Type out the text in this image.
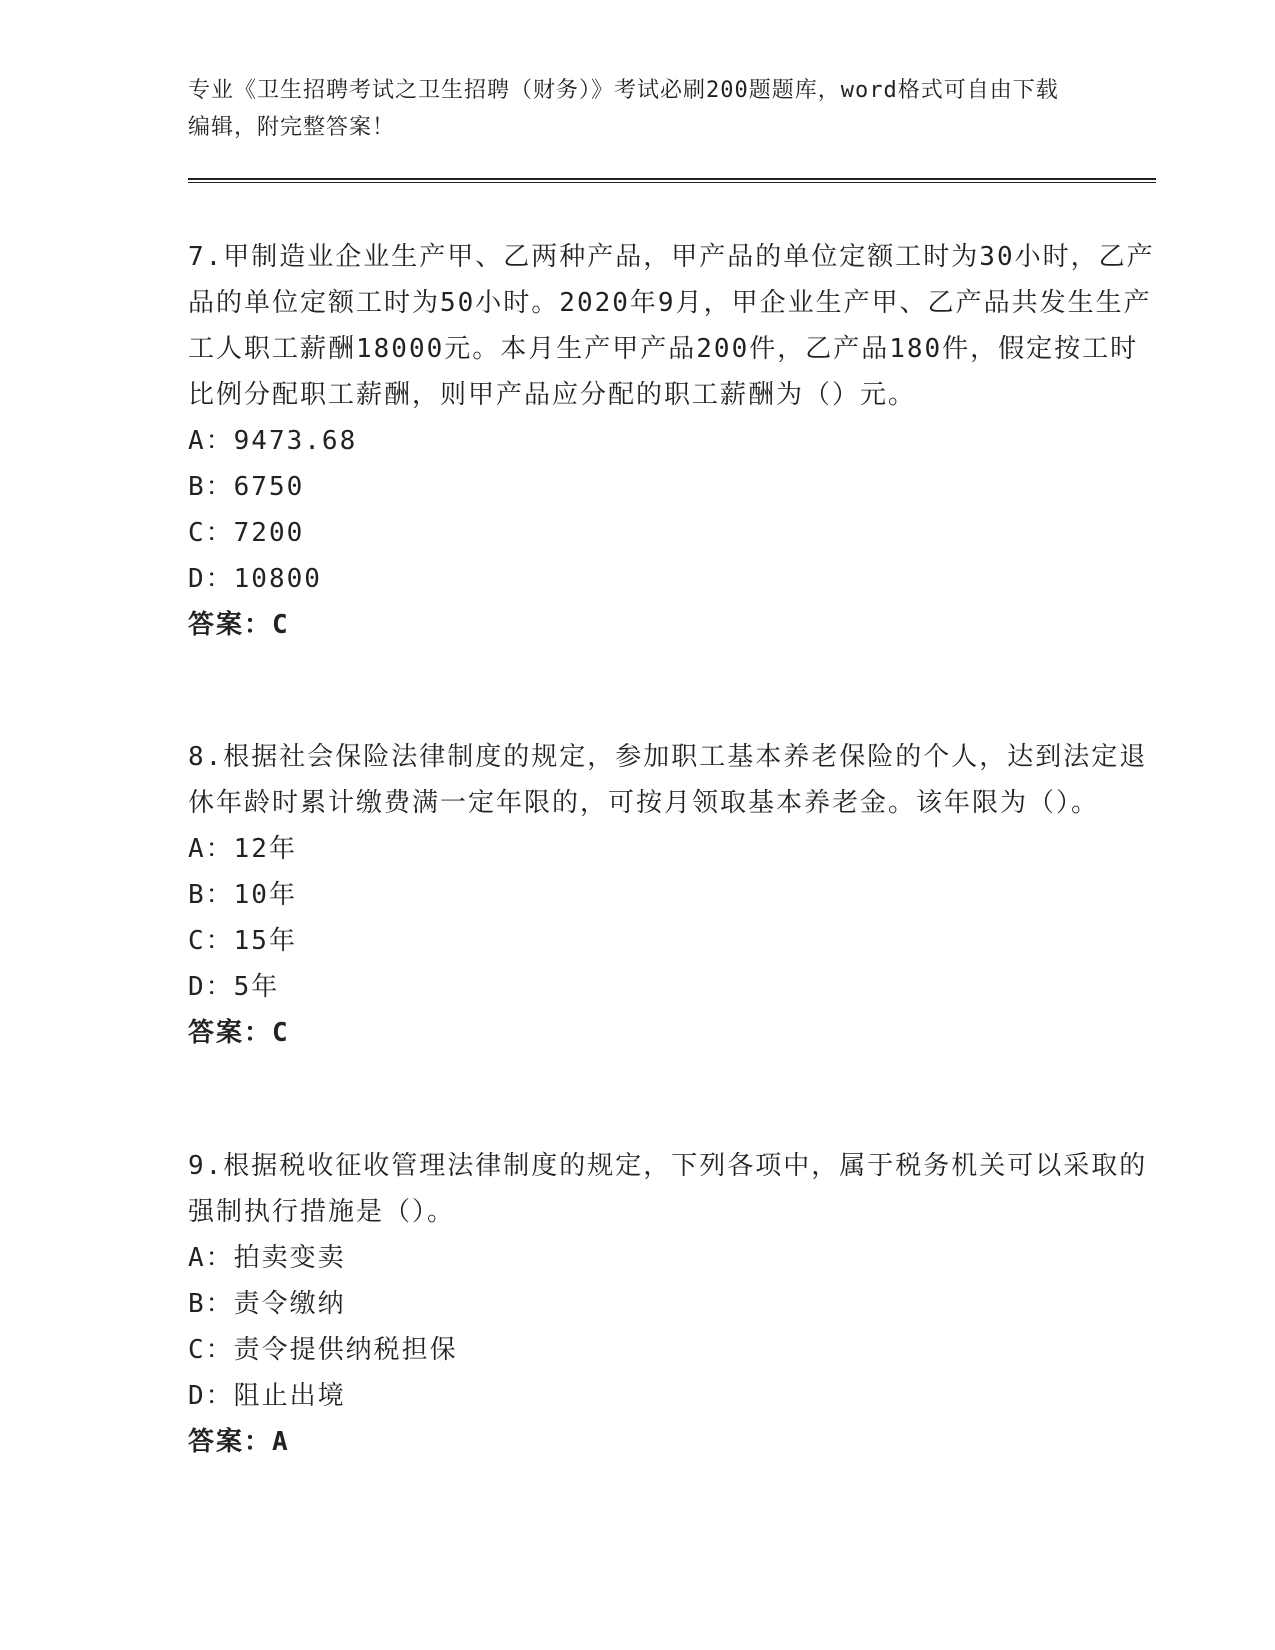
专业《卫生招聘考试之卫生招聘（财务）》考试必刷200题题库，word格式可自由下载编辑，附完整答案！

7.甲制造业企业生产甲、乙两种产品，甲产品的单位定额工时为30小时，乙产品的单位定额工时为50小时。2020年9月，甲企业生产甲、乙产品共发生生产工人职工薪酬18000元。本月生产甲产品200件，乙产品180件，假定按工时比例分配职工薪酬，则甲产品应分配的职工薪酬为（）元。

A：9473.68

B：6750

C：7200

D：10800

答案：C

8.根据社会保险法律制度的规定，参加职工基本养老保险的个人，达到法定退休年龄时累计缴费满一定年限的，可按月领取基本养老金。该年限为（）。

A：12年

B：10年

C：15年

D：5年

答案：C

9.根据税收征收管理法律制度的规定，下列各项中，属于税务机关可以采取的强制执行措施是（）。

A：拍卖变卖

B：责令缴纳

C：责令提供纳税担保

D：阻止出境

答案：A
